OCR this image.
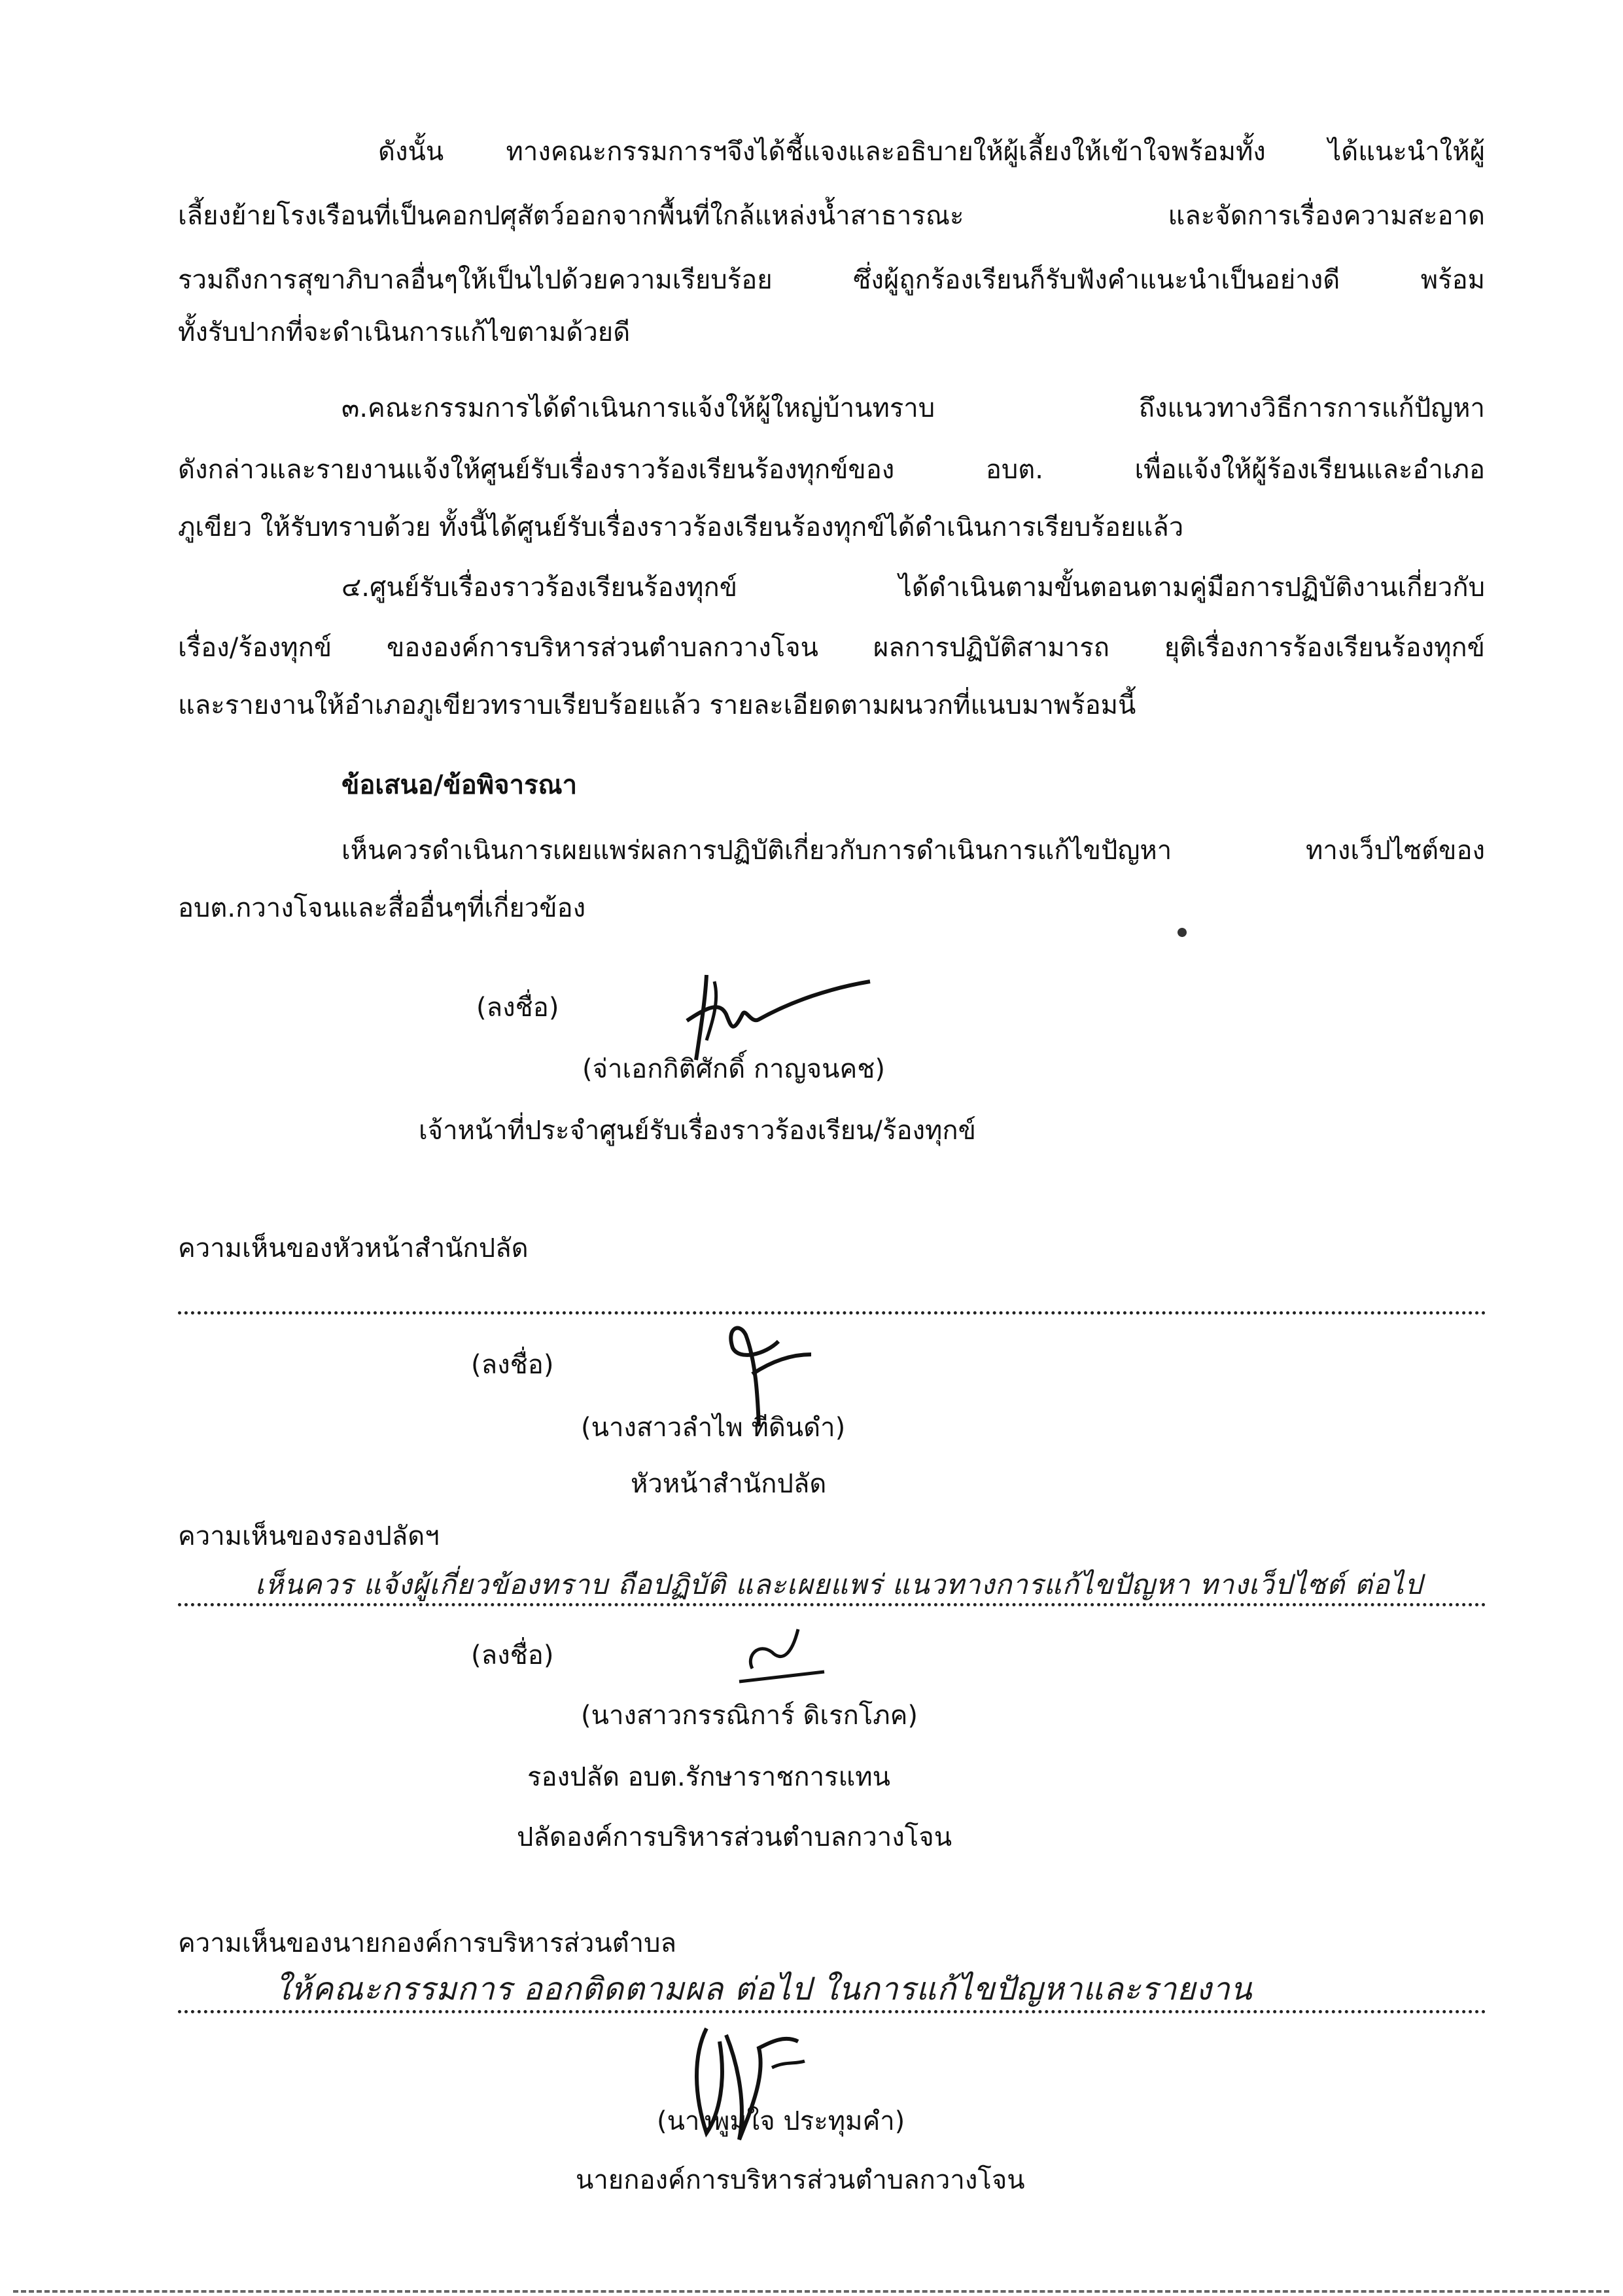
ดังนั้น ทางคณะกรรมการฯจึงได้ชี้แจงและอธิบายให้ผู้เลี้ยงให้เข้าใจพร้อมทั้ง ได้แนะนำให้ผู้
เลี้ยงย้ายโรงเรือนที่เป็นคอกปศุสัตว์ออกจากพื้นที่ใกล้แหล่งน้ำสาธารณะ และจัดการเรื่องความสะอาด
รวมถึงการสุขาภิบาลอื่นๆให้เป็นไปด้วยความเรียบร้อย ซึ่งผู้ถูกร้องเรียนก็รับฟังคำแนะนำเป็นอย่างดี พร้อม
ทั้งรับปากที่จะดำเนินการแก้ไขตามด้วยดี
๓.คณะกรรมการได้ดำเนินการแจ้งให้ผู้ใหญ่บ้านทราบ ถึงแนวทางวิธีการการแก้ปัญหา
ดังกล่าวและรายงานแจ้งให้ศูนย์รับเรื่องราวร้องเรียนร้องทุกข์ของ อบต. เพื่อแจ้งให้ผู้ร้องเรียนและอำเภอ
ภูเขียว ให้รับทราบด้วย ทั้งนี้ได้ศูนย์รับเรื่องราวร้องเรียนร้องทุกข์ได้ดำเนินการเรียบร้อยแล้ว
๔.ศูนย์รับเรื่องราวร้องเรียนร้องทุกข์ ได้ดำเนินตามขั้นตอนตามคู่มือการปฏิบัติงานเกี่ยวกับ
เรื่อง/ร้องทุกข์ ขององค์การบริหารส่วนตำบลกวางโจน ผลการปฏิบัติสามารถ ยุติเรื่องการร้องเรียนร้องทุกข์
และรายงานให้อำเภอภูเขียวทราบเรียบร้อยแล้ว รายละเอียดตามผนวกที่แนบมาพร้อมนี้
ข้อเสนอ/ข้อพิจารณา
เห็นควรดำเนินการเผยแพร่ผลการปฏิบัติเกี่ยวกับการดำเนินการแก้ไขปัญหา ทางเว็ปไซต์ของ
อบต.กวางโจนและสื่ออื่นๆที่เกี่ยวข้อง
(ลงชื่อ)
(จ่าเอกกิติศักดิ์ กาญจนคช)
เจ้าหน้าที่ประจำศูนย์รับเรื่องราวร้องเรียน/ร้องทุกข์
ความเห็นของหัวหน้าสำนักปลัด
(ลงชื่อ)
(นางสาวลำไพ ทีดินดำ)
หัวหน้าสำนักปลัด
ความเห็นของรองปลัดฯ
เห็นควร แจ้งผู้เกี่ยวข้องทราบ ถือปฏิบัติ และเผยแพร่ แนวทางการแก้ไขปัญหา ทางเว็ปไซต์ ต่อไป
(ลงชื่อ)
(นางสาวกรรณิการ์ ดิเรกโภค)
รองปลัด อบต.รักษาราชการแทน
ปลัดองค์การบริหารส่วนตำบลกวางโจน
ความเห็นของนายกองค์การบริหารส่วนตำบล
ให้คณะกรรมการ ออกติดตามผล ต่อไป ในการแก้ไขปัญหาและรายงาน
(นางพูมใจ ประทุมคำ)
นายกองค์การบริหารส่วนตำบลกวางโจน
